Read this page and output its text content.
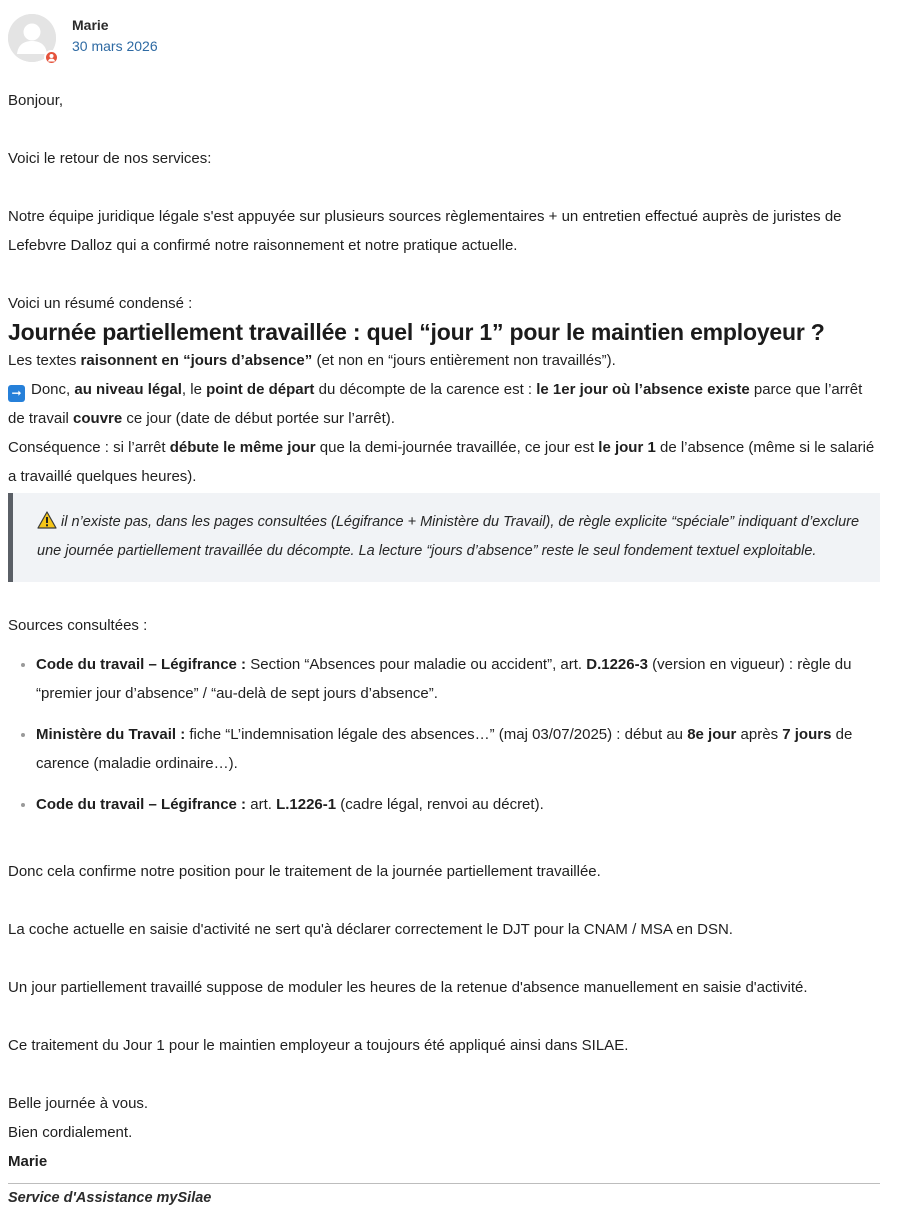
Marie
30 mars 2026

Bonjour,

Voici le retour de nos services:

Notre équipe juridique légale s'est appuyée sur plusieurs sources règlementaires + un entretien effectué auprès de juristes de Lefebvre Dalloz qui a confirmé notre raisonnement et notre pratique actuelle.

Voici un résumé condensé :

Journée partiellement travaillée : quel “jour 1” pour le maintien employeur ?

Les textes raisonnent en “jours d’absence” (et non en “jours entièrement non travaillés”).

➞ Donc, au niveau légal, le point de départ du décompte de la carence est : le 1er jour où l’absence existe parce que l’arrêt de travail couvre ce jour (date de début portée sur l’arrêt).

Conséquence : si l’arrêt débute le même jour que la demi-journée travaillée, ce jour est le jour 1 de l’absence (même si le salarié a travaillé quelques heures).

il n’existe pas, dans les pages consultées (Légifrance + Ministère du Travail), de règle explicite “spéciale” indiquant d’exclure une journée partiellement travaillée du décompte. La lecture “jours d’absence” reste le seul fondement textuel exploitable.

Sources consultées :

• Code du travail – Légifrance : Section “Absences pour maladie ou accident”, art. D.1226-3 (version en vigueur) : règle du “premier jour d’absence” / “au-delà de sept jours d’absence”.
• Ministère du Travail : fiche “L’indemnisation légale des absences…” (maj 03/07/2025) : début au 8e jour après 7 jours de carence (maladie ordinaire…).
• Code du travail – Légifrance : art. L.1226-1 (cadre légal, renvoi au décret).

Donc cela confirme notre position pour le traitement de la journée partiellement travaillée.

La coche actuelle en saisie d'activité ne sert qu'à déclarer correctement le DJT pour la CNAM / MSA en DSN.

Un jour partiellement travaillé suppose de moduler les heures de la retenue d'absence manuellement en saisie d'activité.

Ce traitement du Jour 1 pour le maintien employeur a toujours été appliqué ainsi dans SILAE.

Belle journée à vous.

Bien cordialement.

Marie

Service d'Assistance mySilae
